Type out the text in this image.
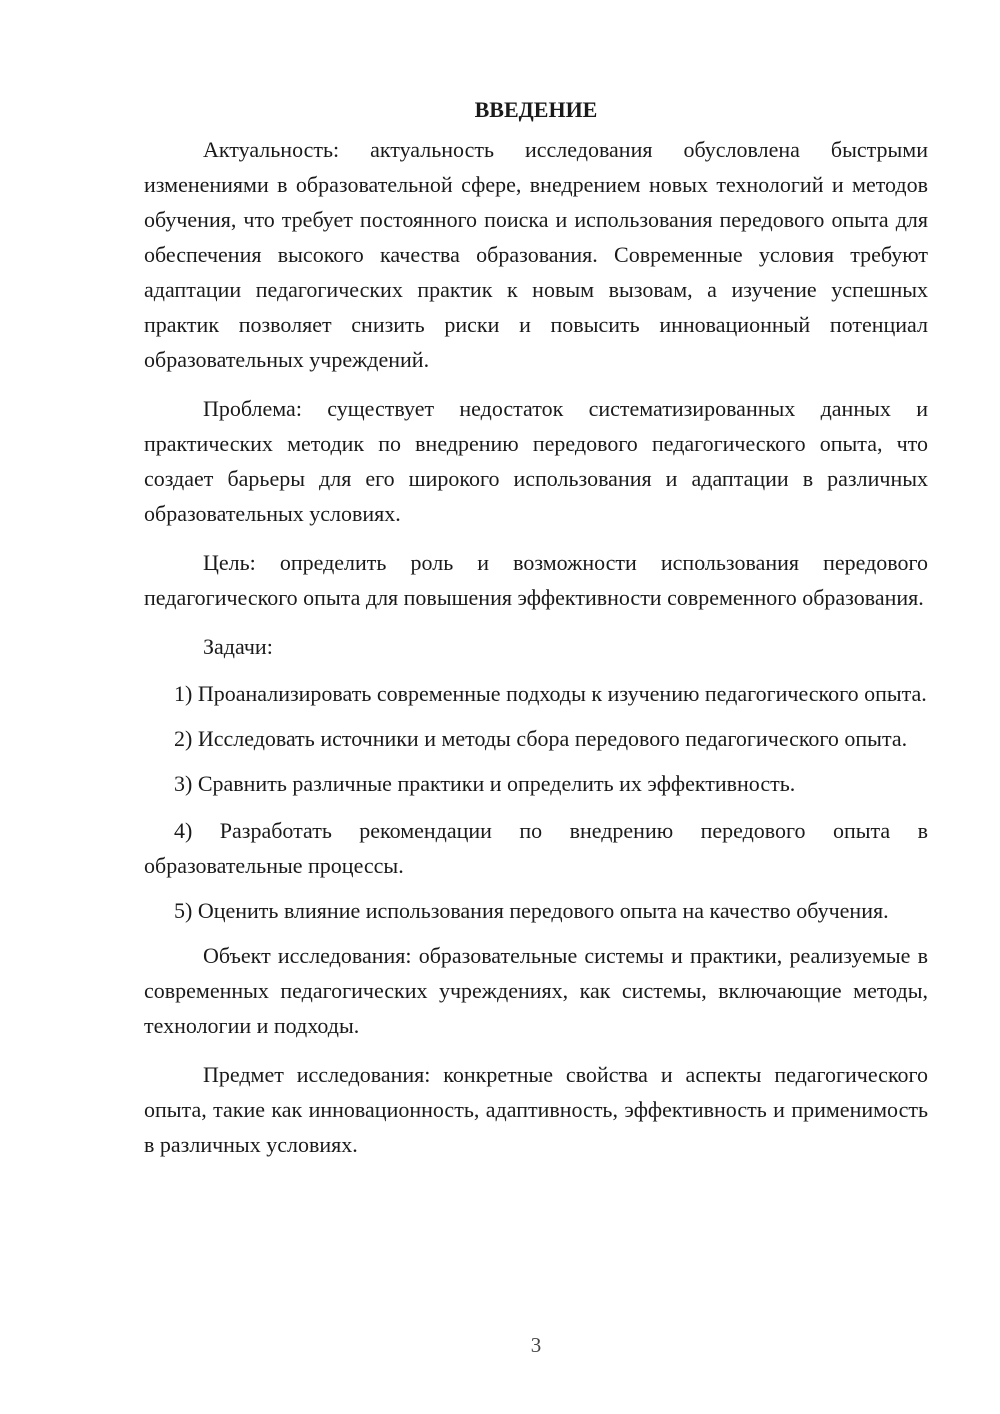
ВВЕДЕНИЕ

Актуальность: актуальность исследования обусловлена быстрыми изменениями в образовательной сфере, внедрением новых технологий и методов обучения, что требует постоянного поиска и использования передового опыта для обеспечения высокого качества образования. Современные условия требуют адаптации педагогических практик к новым вызовам, а изучение успешных практик позволяет снизить риски и повысить инновационный потенциал образовательных учреждений.

Проблема: существует недостаток систематизированных данных и практических методик по внедрению передового педагогического опыта, что создает барьеры для его широкого использования и адаптации в различных образовательных условиях.

Цель: определить роль и возможности использования передового педагогического опыта для повышения эффективности современного образования.

Задачи:

1) Проанализировать современные подходы к изучению педагогического опыта.

2) Исследовать источники и методы сбора передового педагогического опыта.

3) Сравнить различные практики и определить их эффективность.

4) Разработать рекомендации по внедрению передового опыта в образовательные процессы.

5) Оценить влияние использования передового опыта на качество обучения.

Объект исследования: образовательные системы и практики, реализуемые в современных педагогических учреждениях, как системы, включающие методы, технологии и подходы.

Предмет исследования: конкретные свойства и аспекты педагогического опыта, такие как инновационность, адаптивность, эффективность и применимость в различных условиях.

3
